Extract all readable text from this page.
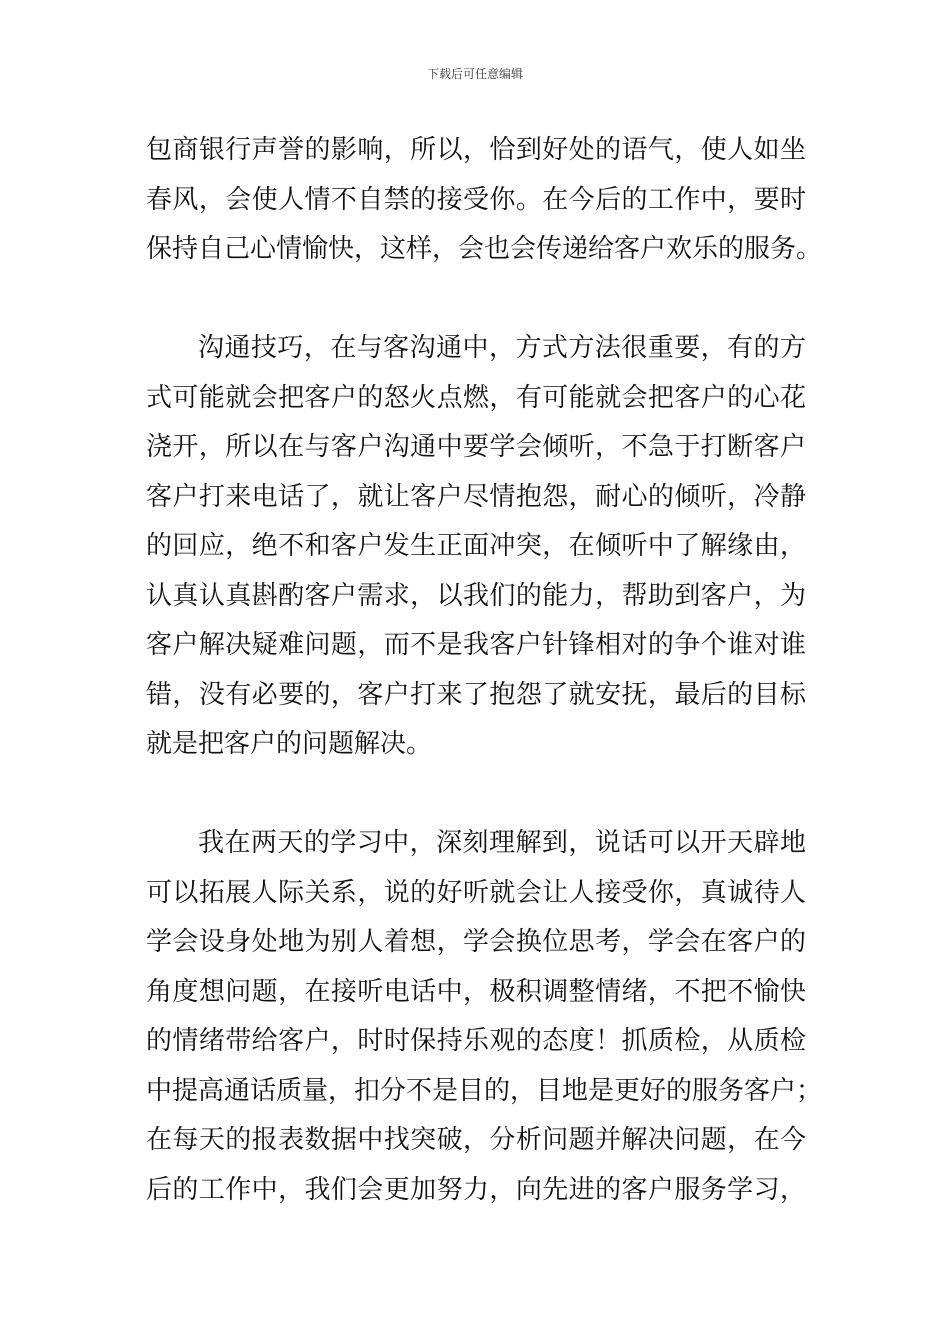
下载后可任意编辑
包商银行声誉的影响，所以，恰到好处的语气，使人如坐
春风，会使人情不自禁的接受你。在今后的工作中，要时
保持自己心情愉快，这样，会也会传递给客户欢乐的服务。
沟通技巧，在与客沟通中，方式方法很重要，有的方
式可能就会把客户的怒火点燃，有可能就会把客户的心花
浇开，所以在与客户沟通中要学会倾听，不急于打断客户
客户打来电话了，就让客户尽情抱怨，耐心的倾听，冷静
的回应，绝不和客户发生正面冲突，在倾听中了解缘由，
认真认真斟酌客户需求，以我们的能力，帮助到客户，为
客户解决疑难问题，而不是我客户针锋相对的争个谁对谁
错，没有必要的，客户打来了抱怨了就安抚，最后的目标
就是把客户的问题解决。
我在两天的学习中，深刻理解到，说话可以开天辟地
可以拓展人际关系，说的好听就会让人接受你，真诚待人
学会设身处地为别人着想，学会换位思考，学会在客户的
角度想问题，在接听电话中，极积调整情绪，不把不愉快
的情绪带给客户，时时保持乐观的态度！抓质检，从质检
中提高通话质量，扣分不是目的，目地是更好的服务客户；
在每天的报表数据中找突破，分析问题并解决问题，在今
后的工作中，我们会更加努力，向先进的客户服务学习，
